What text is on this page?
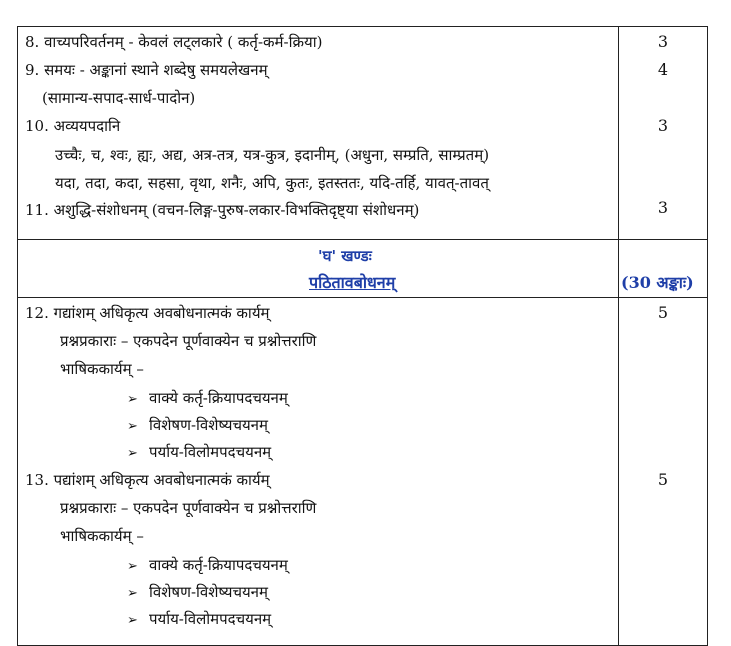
8. वाच्यपरिवर्तनम् - केवलं लट्लकारे ( कर्तृ-कर्म-क्रिया)	3
9. समयः - अङ्कानां स्थाने शब्देषु समयलेखनम्	4
(सामान्य-सपाद-सार्ध-पादोन)
10. अव्ययपदानि	3
उच्चैः, च, श्वः, ह्यः, अद्य, अत्र-तत्र, यत्र-कुत्र, इदानीम्, (अधुना, सम्प्रति, साम्प्रतम्)
यदा, तदा, कदा, सहसा, वृथा, शनैः, अपि, कुतः, इतस्ततः, यदि-तर्हि, यावत्-तावत्
11. अशुद्धि-संशोधनम् (वचन-लिङ्ग-पुरुष-लकार-विभक्तिदृष्ट्या संशोधनम्)	3
'घ' खण्डः
पठितावबोधनम्	(30 अङ्काः)
12. गद्यांशम् अधिकृत्य अवबोधनात्मकं कार्यम्	5
प्रश्नप्रकाराः – एकपदेन पूर्णवाक्येन च प्रश्नोत्तराणि
भाषिककार्यम् –
➢ वाक्ये कर्तृ-क्रियापदचयनम्
➢ विशेषण-विशेष्यचयनम्
➢ पर्याय-विलोमपदचयनम्
13. पद्यांशम् अधिकृत्य अवबोधनात्मकं कार्यम्	5
प्रश्नप्रकाराः – एकपदेन पूर्णवाक्येन च प्रश्नोत्तराणि
भाषिककार्यम् –
➢ वाक्ये कर्तृ-क्रियापदचयनम्
➢ विशेषण-विशेष्यचयनम्
➢ पर्याय-विलोमपदचयनम्
